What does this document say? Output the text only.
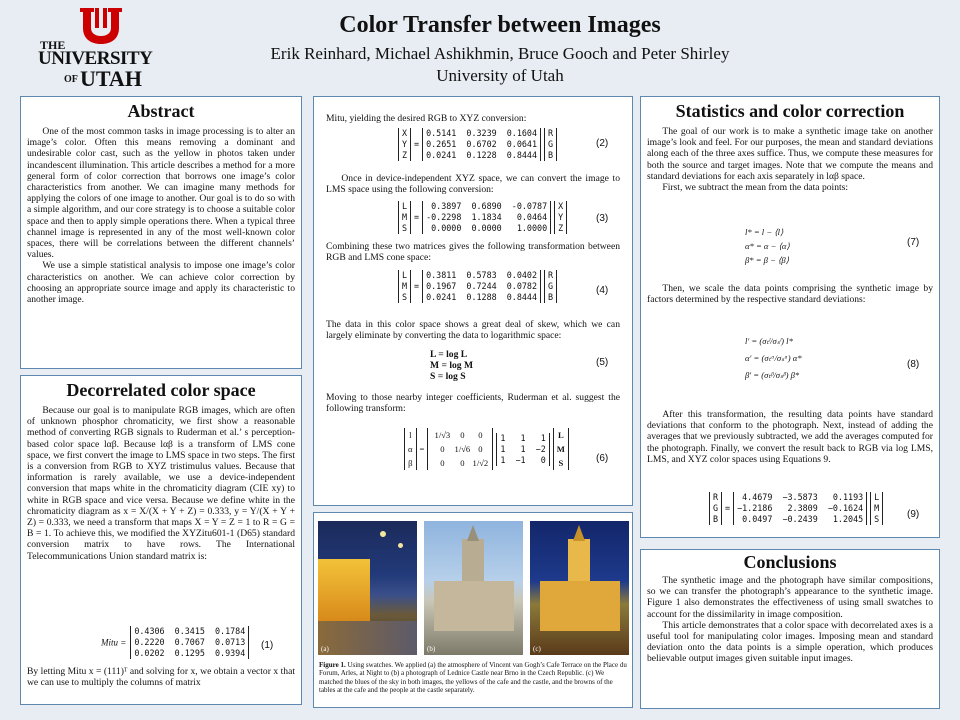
THE
UNIVERSITY
OF UTAH
Color Transfer between Images
Erik Reinhard, Michael Ashikhmin, Bruce Gooch and Peter Shirley
University of Utah
Abstract

One of the most common tasks in image processing is to alter an image’s color. Often this means removing a dominant and undesirable color cast, such as the yellow in photos taken under incandescent illumination. This article describes a method for a more general form of color correction that borrows one image’s color characteristics from another. We can imagine many methods for applying the colors of one image to another. Our goal is to do so with a simple algorithm, and our core strategy is to choose a suitable color space and then to apply simple operations there. When a typical three channel image is represented in any of the most well-known color spaces, there will be correlations between the different channels’ values.

We use a simple statistical analysis to impose one image’s color characteristics on another. We can achieve color correction by choosing an appropriate source image and apply its characteristic to another image.

Decorrelated color space

Because our goal is to manipulate RGB images, which are often of unknown phosphor chromaticity, we first show a reasonable method of converting RGB signals to Ruderman et al.’ s perception-based color space lαβ. Because lαβ is a transform of LMS cone space, we first convert the image to LMS space in two steps. The first is a conversion from RGB to XYZ tristimulus values. Because that information is rarely available, we use a device-independent conversion that maps white in the chromaticity diagram (CIE xy) to white in RGB space and vice versa. Because we define white in the chromaticity diagram as x = X/(X + Y + Z) = 0.333, y = Y/(X + Y + Z) = 0.333, we need a transform that maps X = Y = Z = 1 to R = G = B = 1. To achieve this, we modified the XYZitu601-1 (D65) standard conversion matrix to have rows. The International Telecommunications Union standard matrix is:

Mitu =
0.4306  0.3415  0.1784
0.2220  0.7067  0.0713
0.0202  0.1295  0.9394
(1)

By letting Mitu x = (111)ᵀ and solving for x, we obtain a vector x that we can use to multiply the columns of matrix

Mitu, yielding the desired RGB to XYZ conversion:

X
Y
Z
=
0.5141  0.3239  0.1604
0.2651  0.6702  0.0641
0.0241  0.1228  0.8444
R
G
B
(2)

Once in device-independent XYZ space, we can convert the image to LMS space using the following conversion:

L
M
S
=
0.3897  0.6890  -0.0787
-0.2298  1.1834   0.0464
0.0000  0.0000   1.0000
X
Y
Z
(3)

Combining these two matrices gives the following transformation between RGB and LMS cone space:

L
M
S
=
0.3811  0.5783  0.0402
0.1967  0.7244  0.0782
0.0241  0.1288  0.8444
R
G
B
(4)

The data in this color space shows a great deal of skew, which we can largely eliminate by converting the data to logarithmic space:

L = log L
M = log M
S = log S
(5)

Moving to those nearby integer coefficients, Ruderman et al. suggest the following transform:

l
α
β
=
1/√3	0	0
0	1/√6 0
0	0 1/√2
1   1   1
1   1  −2
1  −1   0
L
M
S	(6)
(a)	(b)	(c)
Figure 1. Using swatches. We applied (a) the atmosphere of Vincent van Gogh’s Cafe Terrace on the Place du Forum, Arles, at Night to (b) a photograph of Lednice Castle near Brno in the Czech Republic. (c) We matched the blues of the sky in both images, the yellows of the cafe and the castle, and the browns of the tables at the cafe and the people at the castle separately.
Statistics and color correction

The goal of our work is to make a synthetic image take on another image’s look and feel. For our purposes, the mean and standard deviations along each of the three axes suffice. Thus, we compute these measures for both the source and target images. Note that we compute the means and standard deviations for each axis separately in lαβ space.

First, we subtract the mean from the data points:

l* = l − ⟨l⟩
α* = α − ⟨α⟩
β* = β − ⟨β⟩
(7)

Then, we scale the data points comprising the synthetic image by factors determined by the respective standard deviations:

l′ = (σₜˡ/σₛˡ) l*
α′ = (σₜᵅ/σₛᵅ) α*
β′ = (σₜᵝ/σₛᵝ) β*
(8)

After this transformation, the resulting data points have standard deviations that conform to the photograph. Next, instead of adding the averages that we previously subtracted, we add the averages computed for the photograph. Finally, we convert the result back to RGB via log LMS, LMS, and XYZ color spaces using Equations 9.

R
G
B
=
4.4679  −3.5873   0.1193
−1.2186   2.3809  −0.1624
0.0497  −0.2439   1.2045
L
M
S	(9)
Conclusions

The synthetic image and the photograph have similar compositions, so we can transfer the photograph’s appearance to the synthetic image. Figure 1 also demonstrates the effectiveness of using small swatches to account for the dissimilarity in image composition.

This article demonstrates that a color space with decorrelated axes is a useful tool for manipulating color images. Imposing mean and standard deviation onto the data points is a simple operation, which produces believable output images given suitable input images.
